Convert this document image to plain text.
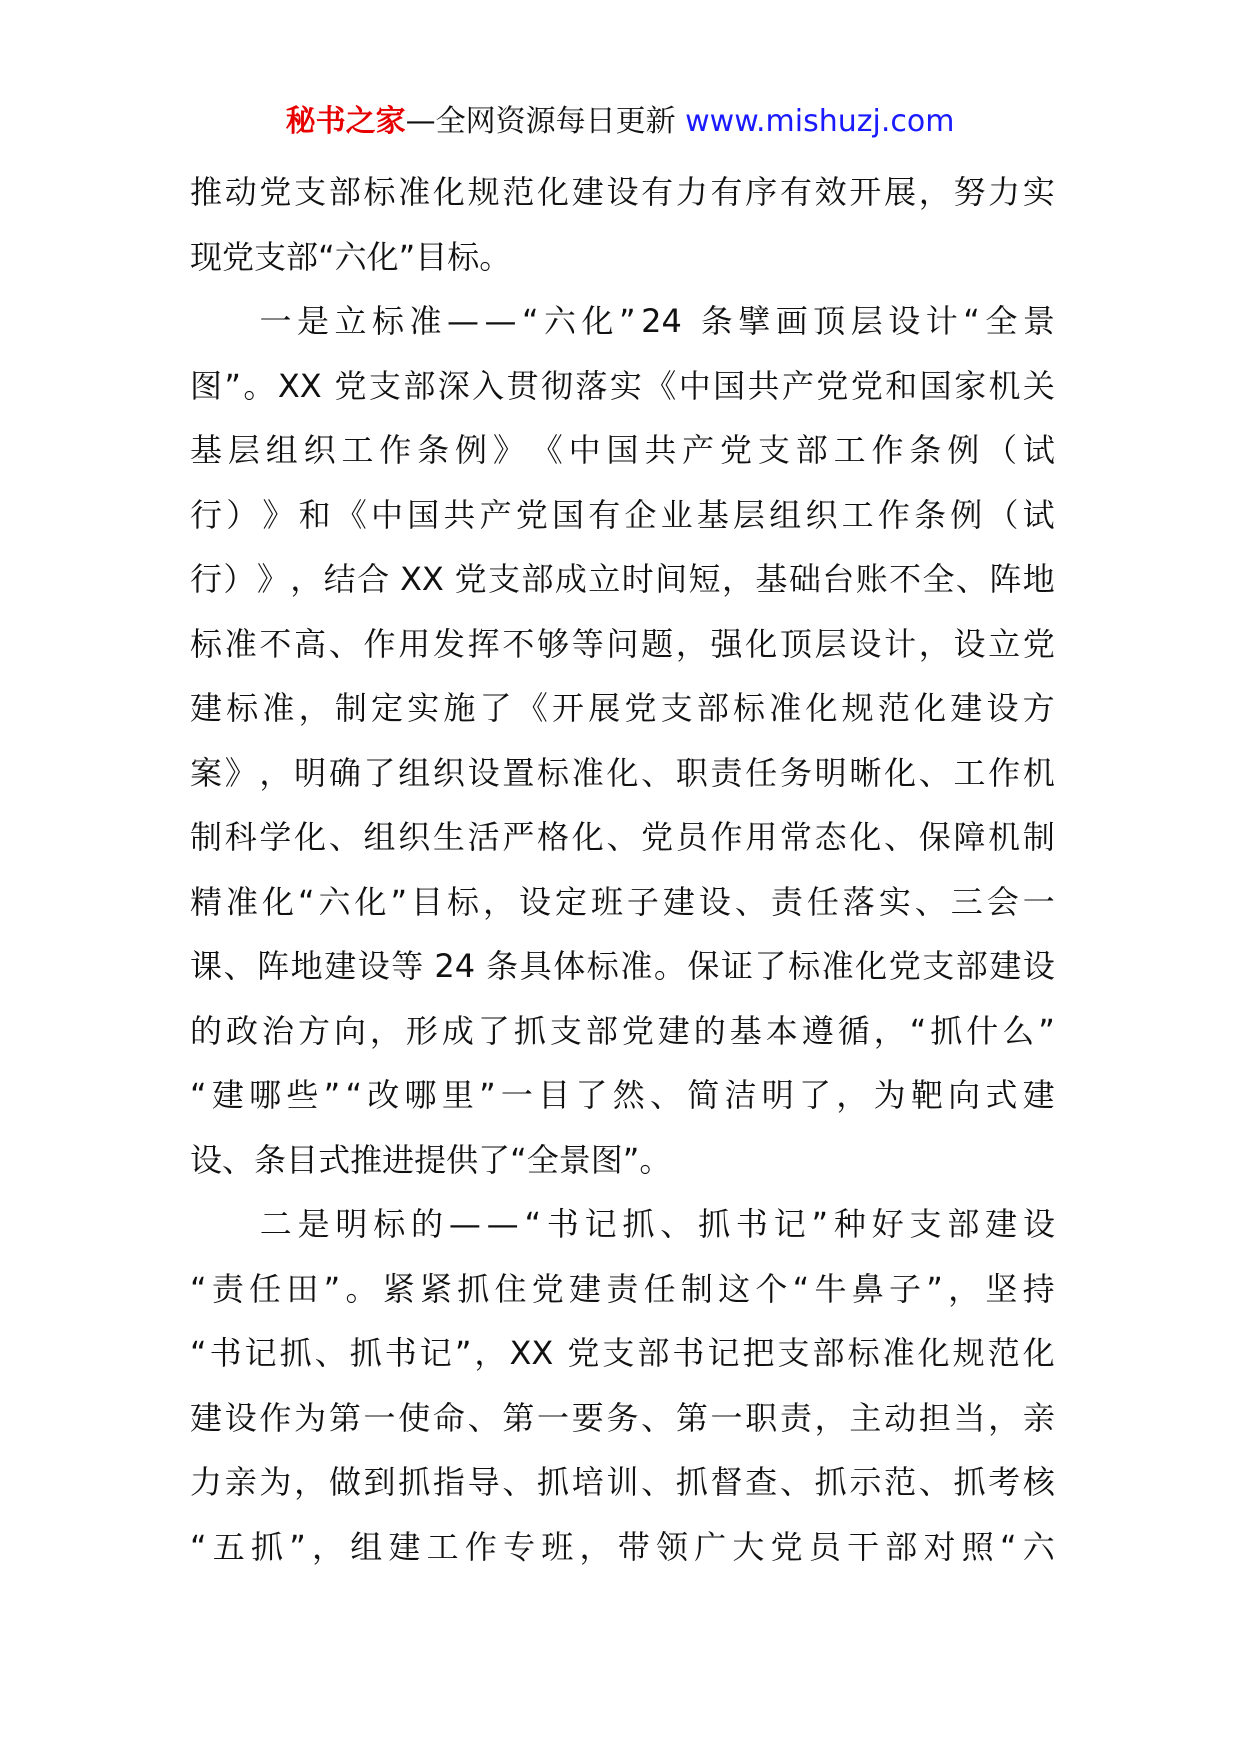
秘书之家—全网资源每日更新 www.mishuzj.com
推 动 党 支 部 标 准 化 规 范 化 建 设 有 力 有 序 有 效 开 展 ， 努 力 实
现 党 支 部 “ 六 化 ” 目 标 。
一 是 立 标 准 — — “ 六 化 ” 24 条 擘 画 顶 层 设 计 “ 全 景
图 ” 。 XX 党 支 部 深 入 贯 彻 落 实 《 中 国 共 产 党 党 和 国 家 机 关
基 层 组 织 工 作 条 例 》 《 中 国 共 产 党 支 部 工 作 条 例 （ 试
行 ） 》 和 《 中 国 共 产 党 国 有 企 业 基 层 组 织 工 作 条 例 （ 试
行 ） 》 ， 结 合 XX 党 支 部 成 立 时 间 短 ， 基 础 台 账 不 全 、 阵 地
标 准 不 高 、 作 用 发 挥 不 够 等 问 题 ， 强 化 顶 层 设 计 ， 设 立 党
建 标 准 ， 制 定 实 施 了 《 开 展 党 支 部 标 准 化 规 范 化 建 设 方
案 》 ， 明 确 了 组 织 设 置 标 准 化 、 职 责 任 务 明 晰 化 、 工 作 机
制 科 学 化 、 组 织 生 活 严 格 化 、 党 员 作 用 常 态 化 、 保 障 机 制
精 准 化 “ 六 化 ” 目 标 ， 设 定 班 子 建 设 、 责 任 落 实 、 三 会 一
课 、 阵 地 建 设 等 24 条 具 体 标 准 。 保 证 了 标 准 化 党 支 部 建 设
的 政 治 方 向 ， 形 成 了 抓 支 部 党 建 的 基 本 遵 循 ， “ 抓 什 么 ”
“ 建 哪 些 ” “ 改 哪 里 ” 一 目 了 然 、 简 洁 明 了 ， 为 靶 向 式 建
设 、 条 目 式 推 进 提 供 了 “ 全 景 图 ” 。
二 是 明 标 的 — — “ 书 记 抓 、 抓 书 记 ” 种 好 支 部 建 设
“ 责 任 田 ” 。 紧 紧 抓 住 党 建 责 任 制 这 个 “ 牛 鼻 子 ” ， 坚 持
“ 书 记 抓 、 抓 书 记 ” ， XX 党 支 部 书 记 把 支 部 标 准 化 规 范 化
建 设 作 为 第 一 使 命 、 第 一 要 务 、 第 一 职 责 ， 主 动 担 当 ， 亲
力 亲 为 ， 做 到 抓 指 导 、 抓 培 训 、 抓 督 查 、 抓 示 范 、 抓 考 核
“ 五 抓 ” ， 组 建 工 作 专 班 ， 带 领 广 大 党 员 干 部 对 照 “ 六
